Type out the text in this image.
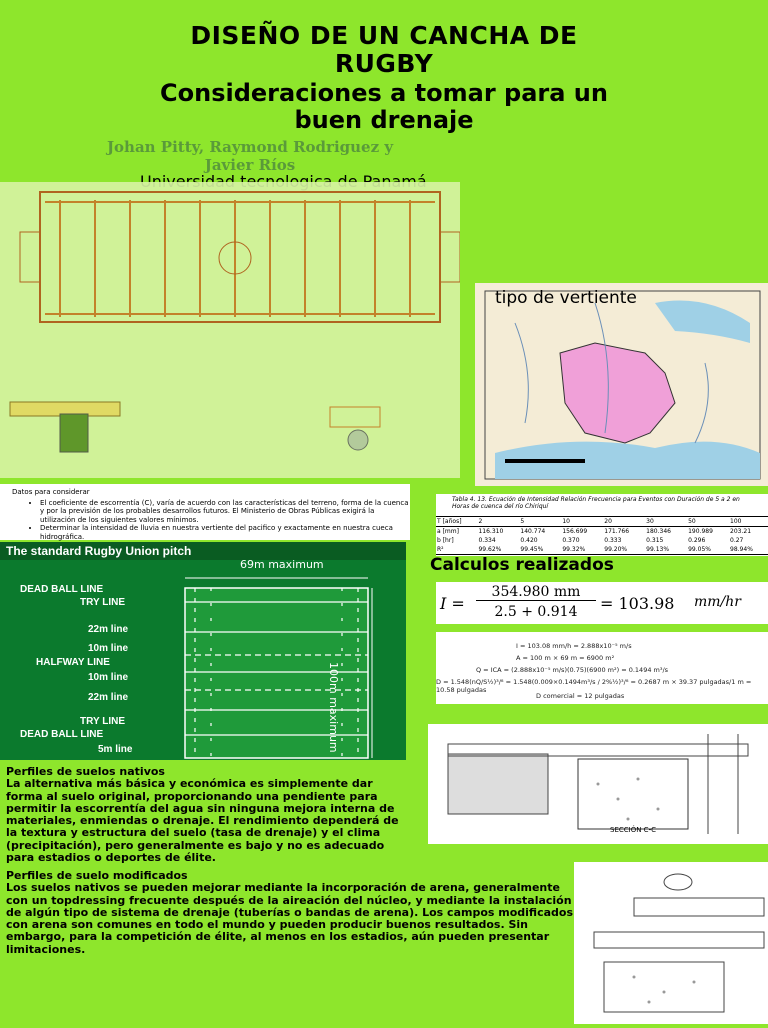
DISEÑO DE UN CANCHA DE
RUGBY
Consideraciones a tomar para un
buen drenaje
Johan Pitty, Raymond Rodriguez y
Javier Ríos
tipo de vertiente
Datos para considerar
• El coeficiente de escorrentía (C), varía de acuerdo con las características del terreno, forma de la cuenca y por la previsión de los probables desarrollos futuros. El Ministerio de Obras Públicas exigirá la utilización de los siguientes valores mínimos.
• Determinar la intensidad de lluvia en nuestra vertiente del pacifico y exactamente en nuestra cueca hidrográfica.
Tabla 4. 13. Ecuación de Intensidad Relación Frecuencia para Eventos con Duración de 5 a 2 en Horas de cuenca del río Chiriquí
T [años]	2	5	10	20	30	50	100
a [mm]	116.310	140.774	156.699	171.766	180.346	190.989	203.21
b [hr]	0.334	0.420	0.370	0.333	0.315	0.296	0.27
R²	99.62%	99.45%	99.32%	99.20%	99.13%	99.05%	98.94%
The standard Rugby Union pitch
69m maximum
100m maximum
DEAD BALL LINE
TRY LINE
22m line
10m line
HALFWAY LINE
10m line
22m line
TRY LINE
DEAD BALL LINE
5m line
Calculos realizados
I =
354.980 mm
2.5 + 0.914	= 103.98 mm/hr
I = 103.08 mm/h = 2.888x10⁻⁵ m/s
A = 100 m × 69 m = 6900 m²
Q = ICA = (2.888x10⁻⁵ m/s)(0.75)(6900 m²) = 0.1494 m³/s
D = 1.548(nQ/S½)³/⁸ = 1.548(0.009×0.1494m³/s / 2%½)³/⁸ = 0.2687 m × 39.37 pulgadas/1 m = 10.58 pulgadas
D comercial = 12 pulgadas
SECCIÓN C-C
Perfiles de suelos nativos
La alternativa más básica y económica es simplemente dar forma al suelo original, proporcionando una pendiente para permitir la escorrentía del agua sin ninguna mejora interna de materiales, enmiendas o drenaje. El rendimiento dependerá de la textura y estructura del suelo (tasa de drenaje) y el clima (precipitación), pero generalmente es bajo y no es adecuado para estadios o deportes de élite.
Perfiles de suelo modificados
Los suelos nativos se pueden mejorar mediante la incorporación de arena, generalmente con un topdressing frecuente después de la aireación del núcleo, y mediante la instalación de algún tipo de sistema de drenaje (tuberías o bandas de arena). Los campos modificados con arena son comunes en todo el mundo y pueden producir buenos resultados. Sin embargo, para la competición de élite, al menos en los estadios, aún pueden presentar limitaciones.
